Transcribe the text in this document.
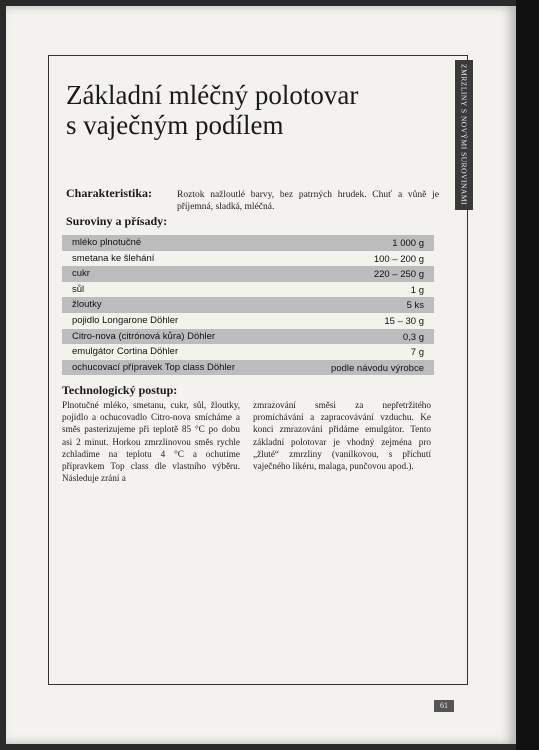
ZMRZLINY S NOVÝMI SUROVINAMI
Základní mléčný polotovar
s vaječným podílem
Charakteristika:	Roztok nažloutlé barvy, bez patrných hrudek. Chuť a vůně je příjemná, sladká, mléčná.
Suroviny a přísady:
mléko plnotučné	1 000 g
smetana ke šlehání	100 – 200 g
cukr	220 – 250 g
sůl	1 g
žloutky	5 ks
pojidlo Longarone Döhler	15 – 30 g
Citro-nova (citrónová kůra) Döhler	0,3 g
emulgátor Cortina Döhler	7 g
ochucovací přípravek Top class Döhler	podle návodu výrobce
Technologický postup:
Plnotučné mléko, smetanu, cukr, sůl, žloutky, pojidlo a ochucovadlo Citro-nova smícháme a směs pasterizujeme při teplotě 85 °C po dobu asi 2 minut. Horkou zmrzlinovou směs rychle zchladíme na teplotu 4 °C a ochutíme přípravkem Top class dle vlastního výběru. Následuje zrání a
zmrazování směsi za nepřetržitého promíchávání a zapracovávání vzduchu. Ke konci zmrazování přidáme emulgátor. Tento základní polotovar je vhodný zejména pro „žluté“ zmrzliny (vanilkovou, s příchutí vaječného likéru, malaga, punčovou apod.).
61
